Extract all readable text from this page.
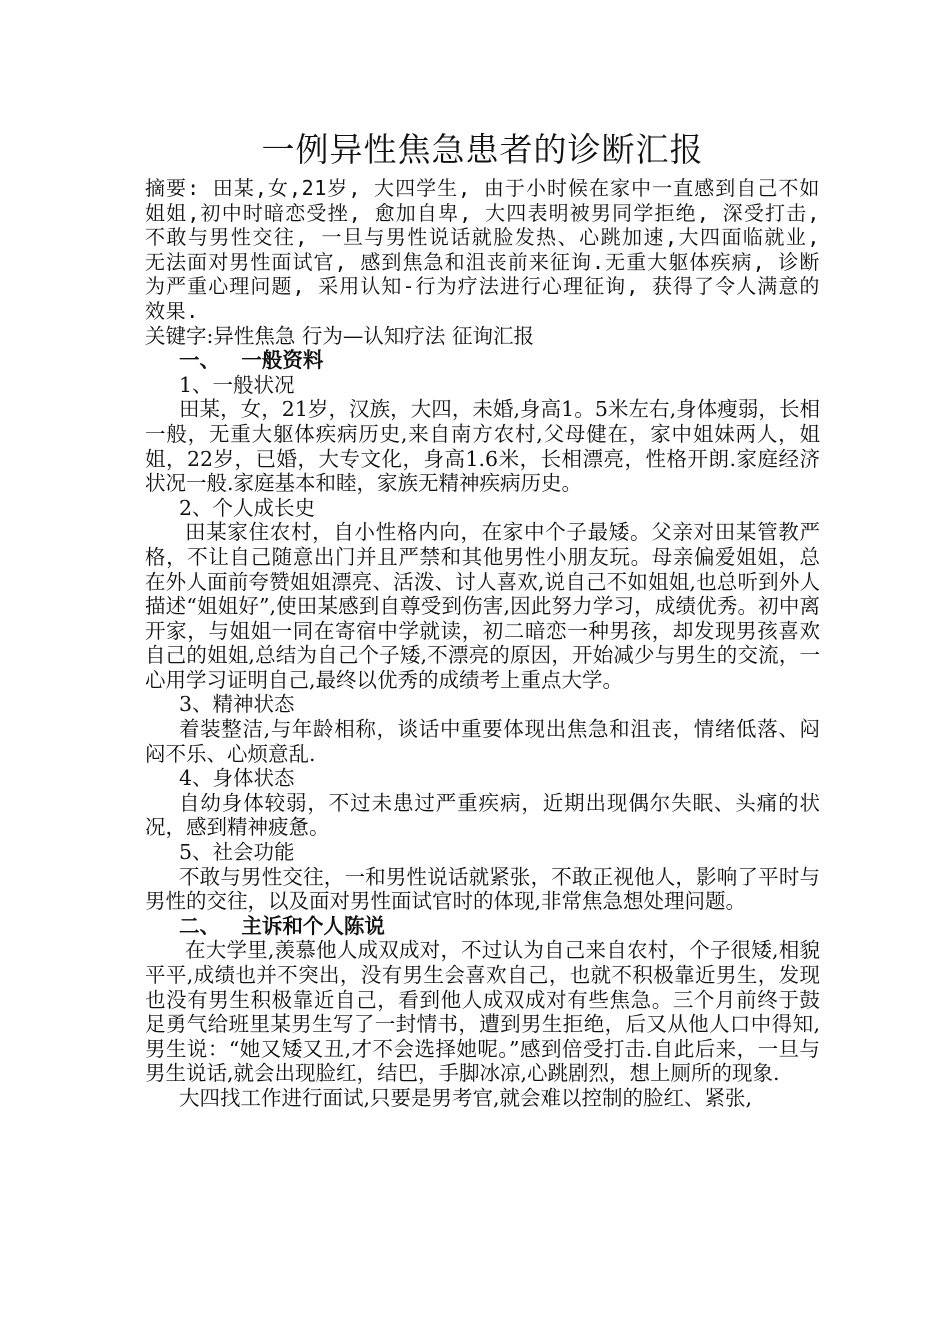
一例异性焦急患者的诊断汇报

摘要: 田某,女,21岁, 大四学生, 由于小时候在家中一直感到自己不如姐姐,初中时暗恋受挫, 愈加自卑, 大四表明被男同学拒绝, 深受打击, 不敢与男性交往, 一旦与男性说话就脸发热、心跳加速,大四面临就业, 无法面对男性面试官, 感到焦急和沮丧前来征询.无重大躯体疾病, 诊断为严重心理问题, 采用认知-行为疗法进行心理征询, 获得了令人满意的效果.

关键字:异性焦急 行为—认知疗法 征询汇报

一、   一般资料

1、一般状况

田某，女，21岁，汉族，大四，未婚,身高1。5米左右,身体瘦弱，长相一般，无重大躯体疾病历史,来自南方农村,父母健在，家中姐妹两人，姐姐，22岁，已婚，大专文化，身高1.6米，长相漂亮，性格开朗.家庭经济状况一般.家庭基本和睦，家族无精神疾病历史。

2、个人成长史

田某家住农村，自小性格内向，在家中个子最矮。父亲对田某管教严格，不让自己随意出门并且严禁和其他男性小朋友玩。母亲偏爱姐姐，总在外人面前夸赞姐姐漂亮、活泼、讨人喜欢,说自己不如姐姐,也总听到外人描述“姐姐好”,使田某感到自尊受到伤害,因此努力学习，成绩优秀。初中离开家，与姐姐一同在寄宿中学就读，初二暗恋一种男孩，却发现男孩喜欢自己的姐姐,总结为自己个子矮,不漂亮的原因，开始减少与男生的交流，一心用学习证明自己,最终以优秀的成绩考上重点大学。

3、精神状态

着装整洁,与年龄相称，谈话中重要体现出焦急和沮丧，情绪低落、闷闷不乐、心烦意乱.

4、身体状态

自幼身体较弱，不过未患过严重疾病，近期出现偶尔失眠、头痛的状况，感到精神疲惫。

5、社会功能

不敢与男性交往，一和男性说话就紧张，不敢正视他人，影响了平时与男性的交往，以及面对男性面试官时的体现,非常焦急想处理问题。

二、   主诉和个人陈说

在大学里,羡慕他人成双成对，不过认为自己来自农村，个子很矮,相貌平平,成绩也并不突出，没有男生会喜欢自己，也就不积极靠近男生，发现也没有男生积极靠近自己，看到他人成双成对有些焦急。三个月前终于鼓足勇气给班里某男生写了一封情书，遭到男生拒绝，后又从他人口中得知,男生说：“她又矮又丑,才不会选择她呢。”感到倍受打击.自此后来，一旦与男生说话,就会出现脸红，结巴，手脚冰凉,心跳剧烈，想上厕所的现象.

大四找工作进行面试,只要是男考官,就会难以控制的脸红、紧张,
